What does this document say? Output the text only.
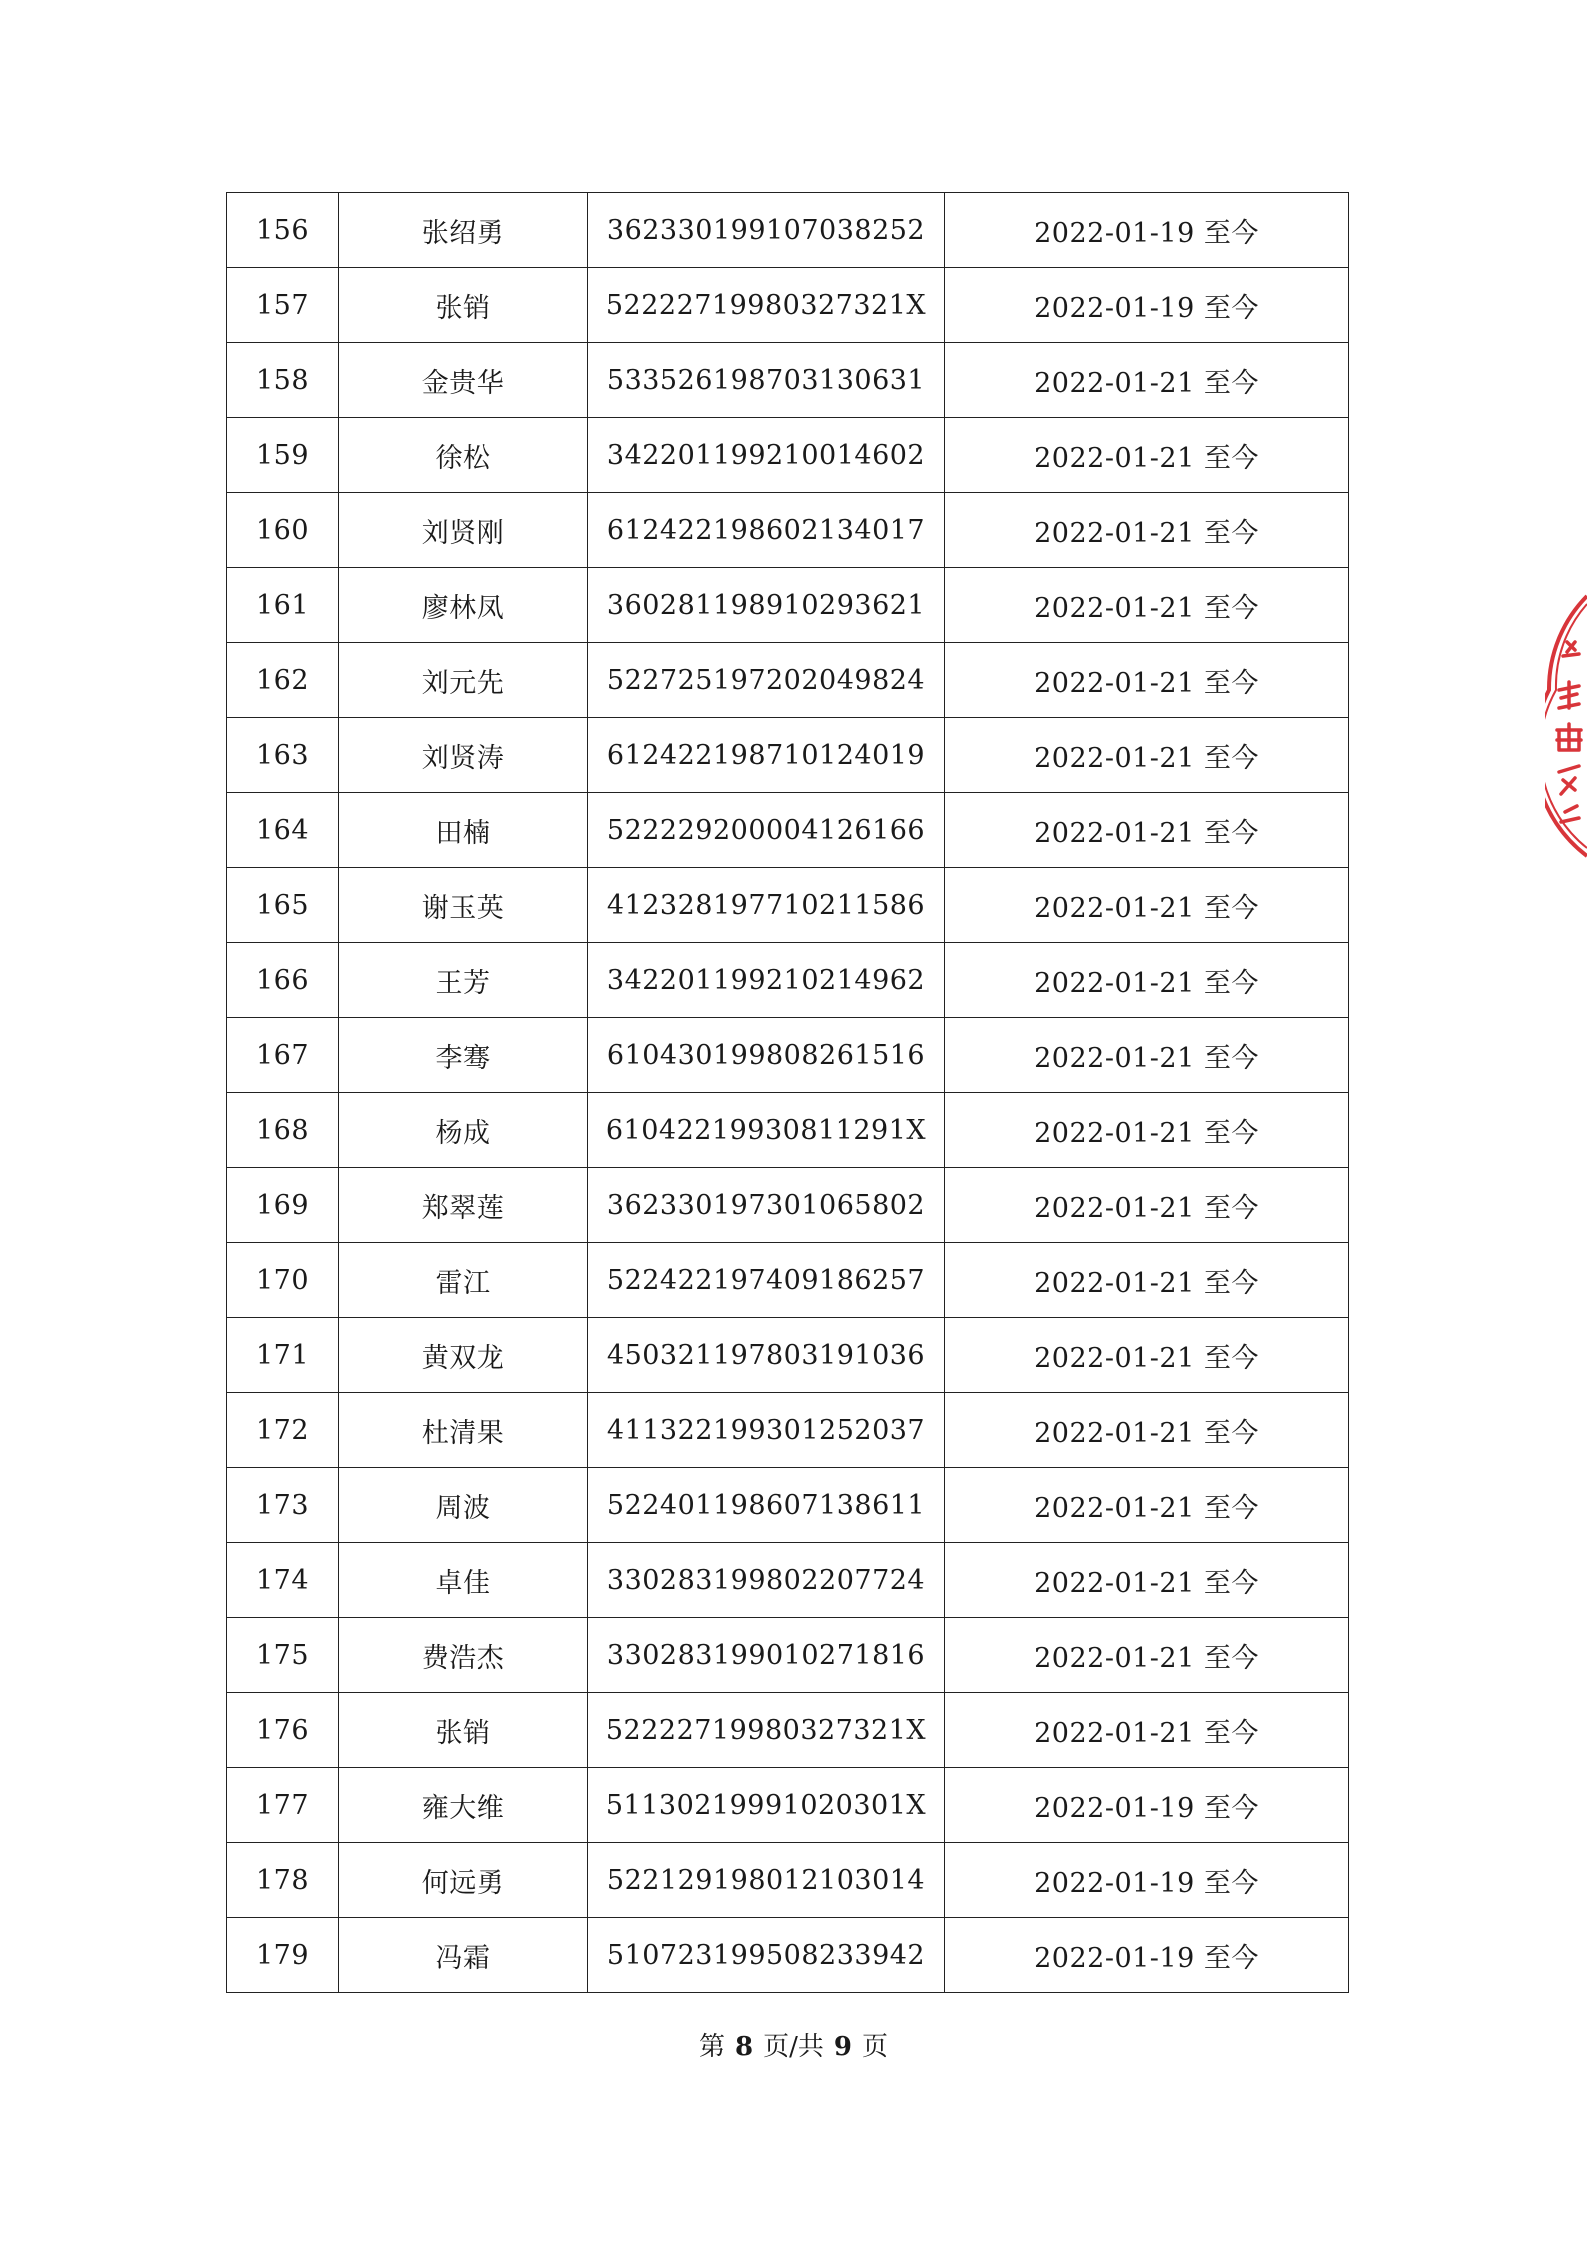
156	张绍勇	362330199107038252	2022-01-19 至今
157	张销	52222719980327321X	2022-01-19 至今
158	金贵华	533526198703130631	2022-01-21 至今
159	徐松	342201199210014602	2022-01-21 至今
160	刘贤刚	612422198602134017	2022-01-21 至今
161	廖林凤	360281198910293621	2022-01-21 至今
162	刘元先	522725197202049824	2022-01-21 至今
163	刘贤涛	612422198710124019	2022-01-21 至今
164	田楠	522229200004126166	2022-01-21 至今
165	谢玉英	412328197710211586	2022-01-21 至今
166	王芳	342201199210214962	2022-01-21 至今
167	李骞	610430199808261516	2022-01-21 至今
168	杨成	61042219930811291X	2022-01-21 至今
169	郑翠莲	362330197301065802	2022-01-21 至今
170	雷江	522422197409186257	2022-01-21 至今
171	黄双龙	450321197803191036	2022-01-21 至今
172	杜清果	411322199301252037	2022-01-21 至今
173	周波	522401198607138611	2022-01-21 至今
174	卓佳	330283199802207724	2022-01-21 至今
175	费浩杰	330283199010271816	2022-01-21 至今
176	张销	52222719980327321X	2022-01-21 至今
177	雍大维	51130219991020301X	2022-01-19 至今
178	何远勇	522129198012103014	2022-01-19 至今
179	冯霜	510723199508233942	2022-01-19 至今
第 8 页/共 9 页
